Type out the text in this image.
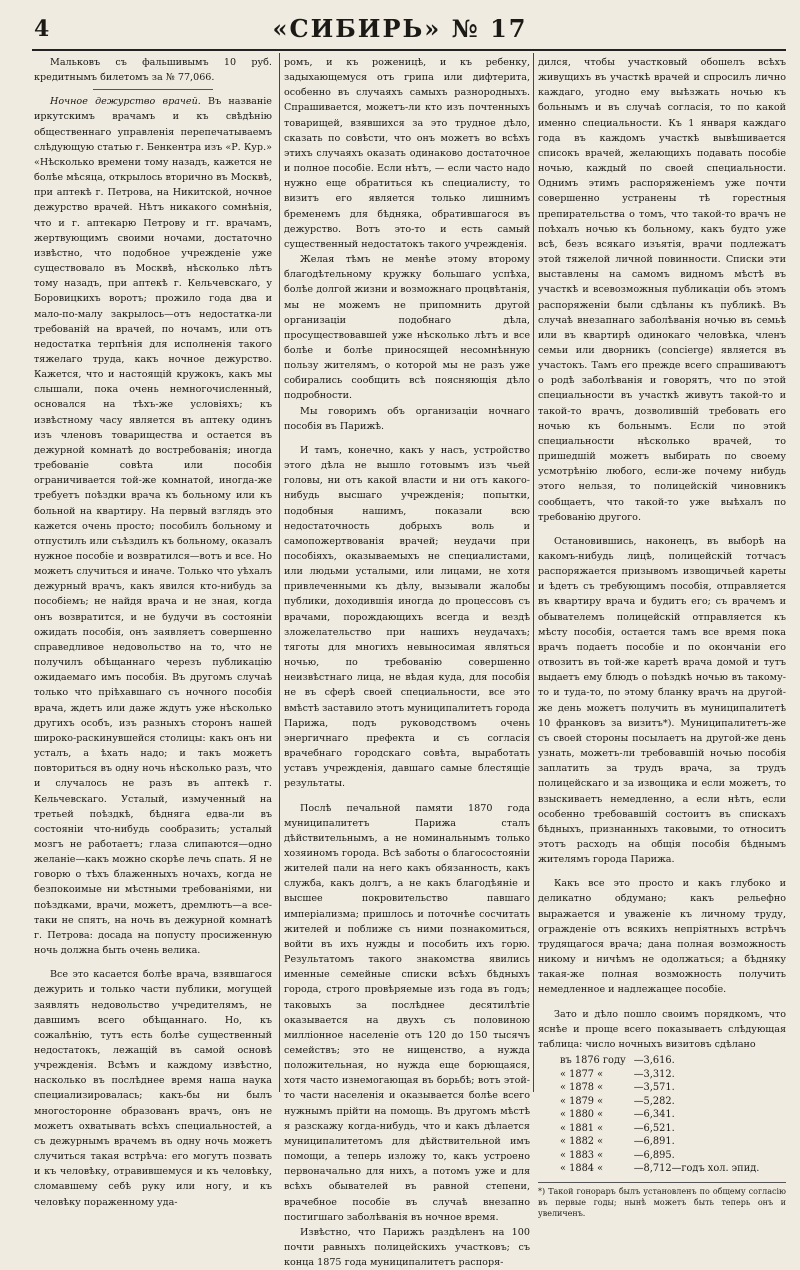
4	«СИБИРЬ» № 17

Мальковъ съ фальшивымъ 10 руб. кредитнымъ билетомъ за № 77,066.

Ночное дежурство врачей. Въ названіе иркутскимъ врачамъ и къ свѣдѣнію общественнаго управленія перепечатываемъ слѣдующую статью г. Бенкентра изъ «Р. Кур.» «Нѣсколько времени тому назадъ, кажется не болѣе мѣсяца, открылось вторично въ Москвѣ, при аптекѣ г. Петрова, на Никитской, ночное дежурство врачей. Нѣтъ никакого сомнѣнія, что и г. аптекарю Петрову и гг. врачамъ, жертвующимъ своими ночами, достаточно извѣстно, что подобное учрежденіе уже существовало въ Москвѣ, нѣсколько лѣтъ тому назадъ, при аптекѣ г. Кельчевскаго, у Боровицкихъ воротъ; прожило года два и мало-по-малу закрылось—отъ недостатка-ли требованій на врачей, по ночамъ, или отъ недостатка терпѣнія для исполненія такого тяжелаго труда, какъ ночное дежурство. Кажется, что и настоящій кружокъ, какъ мы слышали, пока очень немногочисленный, основался на тѣхъ-же условіяхъ; къ извѣстному часу является въ аптеку одинъ изъ членовъ товарищества и остается въ дежурной комнатѣ до востребованія; иногда требованіе совѣта или пособія ограничивается той-же комнатой, иногда-же требуетъ поѣздки врача къ больному или къ больной на квартиру. На первый взглядъ это кажется очень просто; пособилъ больному и отпустилъ или съѣздилъ къ больному, оказалъ нужное пособіе и возвратился—вотъ и все. Но можетъ случиться и иначе. Только что уѣхалъ дежурный врачъ, какъ явился кто-нибудь за пособіемъ; не найдя врача и не зная, когда онъ возвратится, и не будучи въ состояніи ожидать пособія, онъ заявляетъ совершенно справедливое недовольство на то, что не получилъ обѣщаннаго черезъ публикацію ожидаемаго имъ пособія. Въ другомъ случаѣ только что пріѣхавшаго съ ночного пособія врача, ждетъ или даже ждутъ уже нѣсколько другихъ особъ, изъ разныхъ сторонъ нашей широко-раскинувшейся столицы: какъ онъ ни усталъ, а ѣхать надо; и такъ можетъ повториться въ одну ночь нѣсколько разъ, что и случалось не разъ въ аптекѣ г. Кельчевскаго. Усталый, измученный на третьей поѣздкѣ, бѣдняга едва-ли въ состояніи что-нибудь сообразить; усталый мозгъ не работаетъ; глаза слипаются—одно желаніе—какъ можно скорѣе лечь спать. Я не говорю о тѣхъ блаженныхъ ночахъ, когда не безпокоимые ни мѣстными требованіями, ни поѣздками, врачи, можетъ, дремлютъ—а все-таки не спятъ, на ночь въ дежурной комнатѣ г. Петрова: досада на попусту просиженную ночь должна быть очень велика.

Все это касается болѣе врача, взявшагося дежурить и только части публики, могущей заявлять недовольство учредителямъ, не давшимъ всего обѣщаннаго. Но, къ сожалѣнію, тутъ есть болѣе существенный недостатокъ, лежащій въ самой основѣ учрежденія. Всѣмъ и каждому извѣстно, насколько въ послѣднее время наша наука специализировалась; какъ-бы ни былъ многосторонне образованъ врачъ, онъ не можетъ охватывать всѣхъ специальностей, а съ дежурнымъ врачемъ въ одну ночь можетъ случиться такая встрѣча: его могутъ позвать и къ человѣку, отравившемуся и къ человѣку, сломавшему себѣ руку или ногу, и къ человѣку пораженному уда-

ромъ, и къ роженицѣ, и къ ребенку, задыхающемуся отъ грипа или дифтерита, особенно въ случаяхъ самыхъ разнородныхъ. Спрашивается, можетъ-ли кто изъ почтенныхъ товарищей, взявшихся за это трудное дѣло, сказать по совѣсти, что онъ можетъ во всѣхъ этихъ случаяхъ оказать одинаково достаточное и полное пособіе. Если нѣтъ, — если часто надо нужно еще обратиться къ специалисту, то визитъ его является только лишнимъ бременемъ для бѣдняка, обратившагося въ дежурство. Вотъ это-то и есть самый существенный недостатокъ такого учрежденія.

Желая тѣмъ не менѣе этому второму благодѣтельному кружку большаго успѣха, болѣе долгой жизни и возможнаго процвѣтанія, мы не можемъ не припомнить другой организаціи подобнаго дѣла, просуществовавшей уже нѣсколько лѣтъ и все болѣе и болѣе приносящей несомнѣнную пользу жителямъ, о которой мы не разъ уже собирались сообщить всѣ поясняющія дѣло подробности.

Мы говоримъ объ организаціи ночнаго пособія въ Парижѣ.

И тамъ, конечно, какъ у насъ, устройство этого дѣла не вышло готовымъ изъ чьей головы, ни отъ какой власти и ни отъ какого-нибудь высшаго учрежденія; попытки, подобныя нашимъ, показали всю недостаточность добрыхъ воль и самопожертвованія врачей; неудачи при пособіяхъ, оказываемыхъ не специалистами, или людьми усталыми, или лицами, не хотя привлеченными къ дѣлу, вызывали жалобы публики, доходившія иногда до процессовъ съ врачами, порождающихъ всегда и вездѣ зложелательство при нашихъ неудачахъ; тяготы для многихъ невыносимая являться ночью, по требованію совершенно неизвѣстнаго лица, не вѣдая куда, для пособія не въ сферѣ своей специальности, все это вмѣстѣ заставило этотъ муниципалитетъ города Парижа, подъ руководствомъ очень энергичнаго префекта и съ согласія врачебнаго городскаго совѣта, выработать уставъ учрежденія, давшаго самые блестящіе результаты.

Послѣ печальной памяти 1870 года муниципалитетъ Парижа сталъ дѣйствительнымъ, а не номинальнымъ только хозяиномъ города. Всѣ заботы о благосостояніи жителей пали на него какъ обязанность, какъ служба, какъ долгъ, а не какъ благодѣяніе и высшее покровительство павшаго имперіализма; пришлось и поточнѣе сосчитать жителей и поближе съ ними познакомиться, войти въ ихъ нужды и пособить ихъ горю. Результатомъ такого знакомства явились именные семейные списки всѣхъ бѣдныхъ города, строго провѣряемые изъ года въ годъ; таковыхъ за послѣднее десятилѣтіе оказывается на двухъ съ половиною милліонное населеніе отъ 120 до 150 тысячъ семействъ; это не нищенство, а нужда положительная, но нужда еще борющаяся, хотя часто изнемогающая въ борьбѣ; вотъ этой-то части населенія и оказывается болѣе всего нужнымъ прійти на помощь. Въ другомъ мѣстѣ я разскажу когда-нибудь, что и какъ дѣлается муниципалитетомъ для дѣйствительной имъ помощи, а теперь изложу то, какъ устроено первоначально для нихъ, а потомъ уже и для всѣхъ обывателей въ равной степени, врачебное пособіе въ случаѣ внезапно постигшаго заболѣванія въ ночное время.

Извѣстно, что Парижъ раздѣленъ на 100 почти равныхъ полицейскихъ участковъ; съ конца 1875 года муниципалитетъ распоря-

дился, чтобы участковый обошелъ всѣхъ живущихъ въ участкѣ врачей и спросилъ лично каждаго, угодно ему выѣзжать ночью къ больнымъ и въ случаѣ согласія, то по какой именно специальности. Къ 1 января каждаго года въ каждомъ участкѣ вывѣшивается списокъ врачей, желающихъ подавать пособіе ночью, каждый по своей специальности. Однимъ этимъ распоряженіемъ уже почти совершенно устранены тѣ горестныя препирательства о томъ, что такой-то врачъ не поѣхалъ ночью къ больному, какъ будто уже всѣ, безъ всякаго изъятія, врачи подлежатъ этой тяжелой личной повинности. Списки эти выставлены на самомъ видномъ мѣстѣ въ участкѣ и всевозможныя публикаціи объ этомъ распоряженіи были сдѣланы къ публикѣ. Въ случаѣ внезапнаго заболѣванія ночью въ семьѣ или въ квартирѣ одинокаго человѣка, членъ семьи или дворникъ (concierge) является въ участокъ. Тамъ его прежде всего спрашиваютъ о родѣ заболѣванія и говорятъ, что по этой специальности въ участкѣ живутъ такой-то и такой-то врачъ, дозволившій требовать его ночью къ больнымъ. Если по этой специальности нѣсколько врачей, то пришедшій можетъ выбирать по своему усмотрѣнію любого, если-же почему нибудь этого нельзя, то полицейскій чиновникъ сообщаетъ, что такой-то уже выѣхалъ по требованію другого.

Остановившись, наконецъ, въ выборѣ на какомъ-нибудь лицѣ, полицейскій тотчасъ распоряжается призывомъ извощичьей кареты и ѣдетъ съ требующимъ пособія, отправляется въ квартиру врача и будитъ его; съ врачемъ и обывателемъ полицейскій отправляется къ мѣсту пособія, остается тамъ все время пока врачъ подаетъ пособіе и по окончаніи его отвозитъ въ той-же каретѣ врача домой и тутъ выдаетъ ему блюдъ о поѣздкѣ ночью въ такому-то и туда-то, по этому бланку врачъ на другой-же день можетъ получить въ муниципалитетѣ 10 франковъ за визитъ*). Муниципалитетъ-же съ своей стороны посылаетъ на другой-же день узнать, можетъ-ли требовавшій ночью пособія заплатить за трудъ врача, за трудъ полицейскаго и за извощика и если можетъ, то взыскиваетъ немедленно, а если нѣтъ, если особенно требовавшій состоитъ въ спискахъ бѣдныхъ, признанныхъ таковыми, то относитъ этотъ расходъ на общія пособія бѣднымъ жителямъ города Парижа.

Какъ все это просто и какъ глубоко и деликатно обдумано; какъ рельефно выражается и уваженіе къ личному труду, огражденіе отъ всякихъ непріятныхъ встрѣчъ трудящагося врача; дана полная возможность никому и ничѣмъ не одолжаться; а бѣдняку такая-же полная возможность получить немедленное и надлежащее пособіе.

Зато и дѣло пошло своимъ порядкомъ, что яснѣе и проще всего показываетъ слѣдующая таблица: число ночныхъ визитовъ сдѣлано

въ 1876 году	—3,616.
« 1877 «	—3,312.
« 1878 «	—3,571.
« 1879 «	—5,282.
« 1880 «	—6,341.
« 1881 «	—6,521.
« 1882 «	—6,891.
« 1883 «	—6,895.
« 1884 «	—8,712—годъ хол. эпид.
*) Такой гонораръ былъ установленъ по общему согласію въ первые годы; нынѣ можетъ быть теперь онъ и увеличенъ.
